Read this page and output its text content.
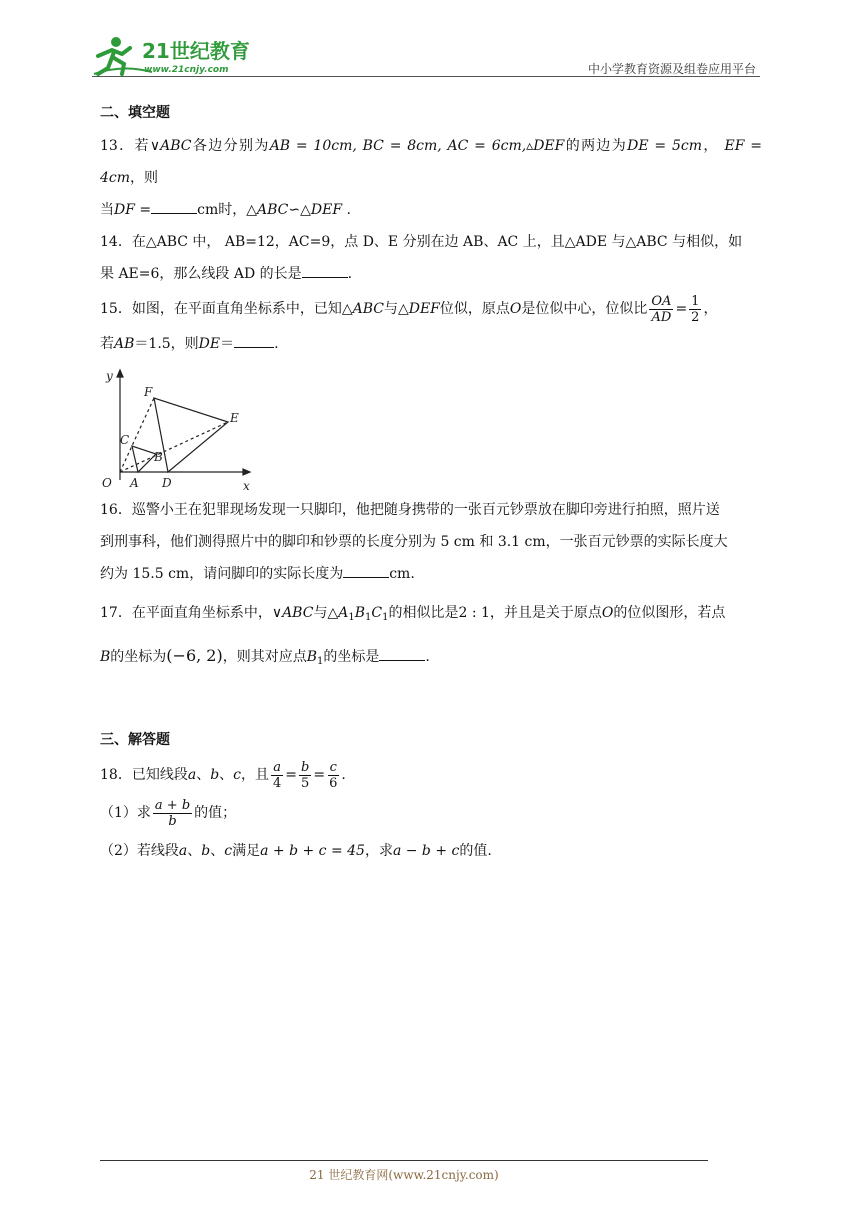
21世纪教育
www.21cnjy.com	中小学教育资源及组卷应用平台
二、填空题

13．若∨ABC各边分别为AB = 10cm, BC = 8cm, AC = 6cm,▵DEF的两边为DE = 5cm， EF = 4cm，则

当DF =	cm时，△ABC∽△DEF .

14．在△ABC 中， AB=12，AC=9，点 D、E 分别在边 AB、AC 上，且△ADE 与△ABC 与相似，如

果 AE=6，那么线段 AD 的长是	.

15．如图，在平面直角坐标系中，已知△ABC与△DEF位似，原点O是位似中心，位似比 $\frac{OA}{AD} = \frac{1}{2}$ ，

若AB＝1.5，则DE＝	.

y
x
O A
B
C
D
E
F

16．巡警小王在犯罪现场发现一只脚印，他把随身携带的一张百元钞票放在脚印旁进行拍照，照片送

到刑事科，他们测得照片中的脚印和钞票的长度分别为 5 cm 和 3.1 cm，一张百元钞票的实际长度大

约为 15.5 cm，请问脚印的实际长度为	cm.

17．在平面直角坐标系中，∨ABC与$\triangle A_1B_1C_1$的相似比是2 : 1，并且是关于原点O的位似图形，若点

B的坐标为(−6, 2)，则其对应点$B_1$的坐标是	.

三、解答题

18．已知线段a、b、c，且 $\frac{a}{4} = \frac{b}{5} = \frac{c}{6}$ .

（1）求 $\frac{a + b}{b}$ 的值；

（2）若线段a、b、c满足a + b + c = 45，求a − b + c的值.

21 世纪教育网(www.21cnjy.com)
